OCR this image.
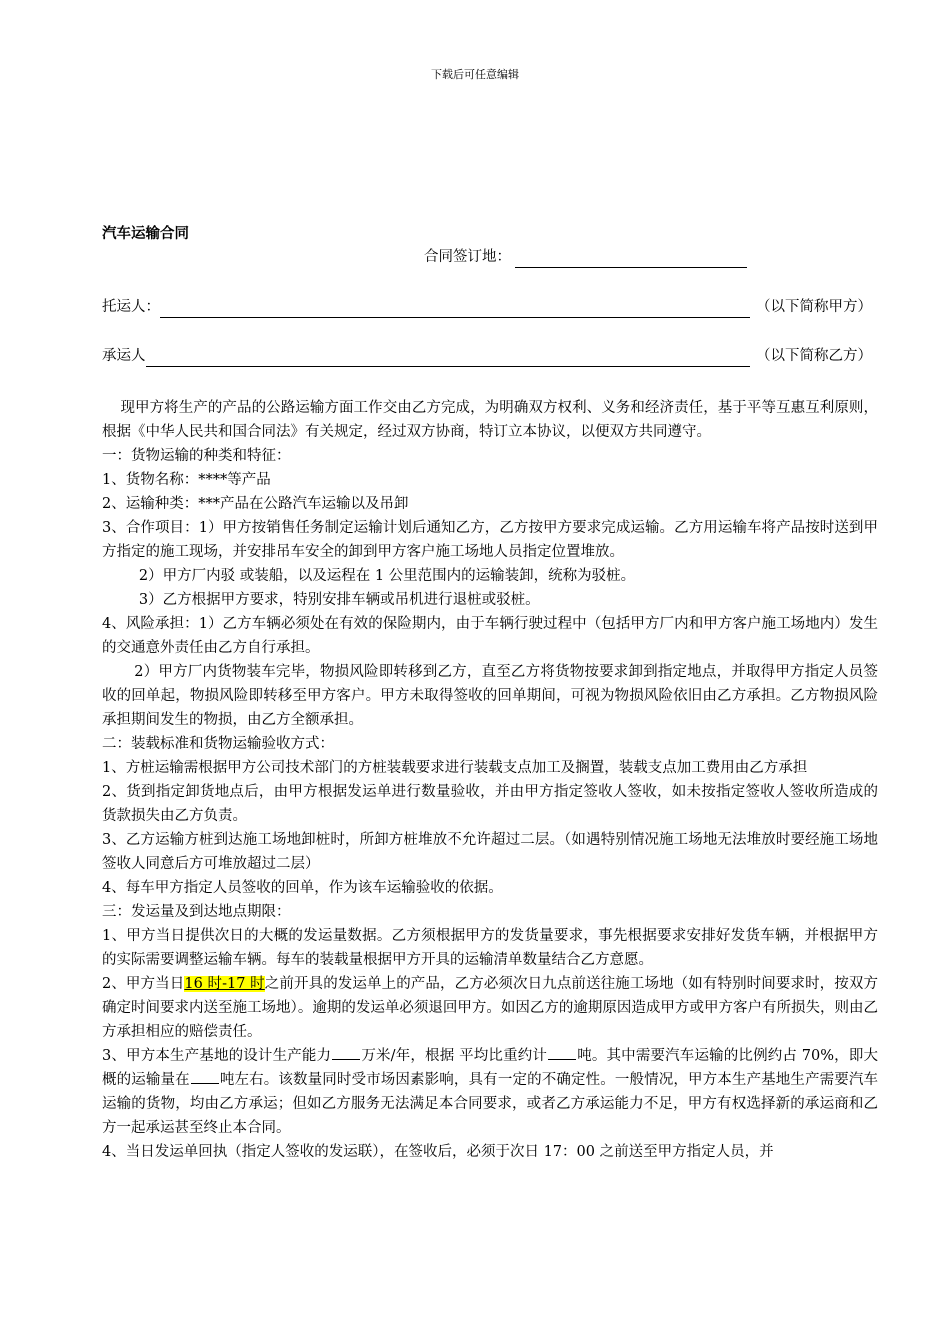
下载后可任意编辑
汽车运输合同
合同签订地：
托运人：	（以下简称甲方）
承运人	（以下简称乙方）

现甲方将生产的产品的公路运输方面工作交由乙方完成，为明确双方权利、义务和经济责任，基于平等互惠互利原则，根据《中华人民共和国合同法》有关规定，经过双方协商，特订立本协议，以便双方共同遵守。

一：货物运输的种类和特征：

1、货物名称：****等产品

2、运输种类：***产品在公路汽车运输以及吊卸

3、合作项目：1）甲方按销售任务制定运输计划后通知乙方，乙方按甲方要求完成运输。乙方用运输车将产品按时送到甲方指定的施工现场，并安排吊车安全的卸到甲方客户施工场地人员指定位置堆放。

2）甲方厂内驳 或装船，以及运程在 1 公里范围内的运输装卸，统称为驳桩。

3）乙方根据甲方要求，特别安排车辆或吊机进行退桩或驳桩。

4、风险承担：1）乙方车辆必须处在有效的保险期内，由于车辆行驶过程中（包括甲方厂内和甲方客户施工场地内）发生的交通意外责任由乙方自行承担。

2）甲方厂内货物装车完毕，物损风险即转移到乙方，直至乙方将货物按要求卸到指定地点，并取得甲方指定人员签收的回单起，物损风险即转移至甲方客户。甲方未取得签收的回单期间，可视为物损风险依旧由乙方承担。乙方物损风险承担期间发生的物损，由乙方全额承担。

二：装载标准和货物运输验收方式：

1、方桩运输需根据甲方公司技术部门的方桩装载要求进行装载支点加工及搁置，装载支点加工费用由乙方承担

2、货到指定卸货地点后，由甲方根据发运单进行数量验收，并由甲方指定签收人签收，如未按指定签收人签收所造成的货款损失由乙方负责。

3、乙方运输方桩到达施工场地卸桩时，所卸方桩堆放不允许超过二层。（如遇特别情况施工场地无法堆放时要经施工场地签收人同意后方可堆放超过二层）

4、每车甲方指定人员签收的回单，作为该车运输验收的依据。

三：发运量及到达地点期限：

1、甲方当日提供次日的大概的发运量数据。乙方须根据甲方的发货量要求，事先根据要求安排好发货车辆，并根据甲方的实际需要调整运输车辆。每车的装载量根据甲方开具的运输清单数量结合乙方意愿。

2、甲方当日16 时-17 时之前开具的发运单上的产品，乙方必须次日九点前送往施工场地（如有特别时间要求时，按双方确定时间要求内送至施工场地）。逾期的发运单必须退回甲方。如因乙方的逾期原因造成甲方或甲方客户有所损失，则由乙方承担相应的赔偿责任。

3、甲方本生产基地的设计生产能力 万米/年，根据 平均比重约计 吨。其中需要汽车运输的比例约占 70%，即大概的运输量在 吨左右。该数量同时受市场因素影响，具有一定的不确定性。一般情况，甲方本生产基地生产需要汽车运输的货物，均由乙方承运；但如乙方服务无法满足本合同要求，或者乙方承运能力不足，甲方有权选择新的承运商和乙方一起承运甚至终止本合同。

4、当日发运单回执（指定人签收的发运联），在签收后，必须于次日 17：00 之前送至甲方指定人员，并
